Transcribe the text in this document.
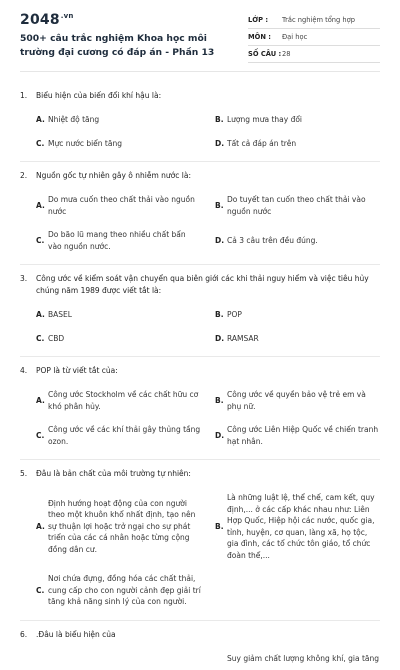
$2048^{.vn}$
500+ câu trắc nghiệm Khoa học môi trường đại cương có đáp án - Phần 13
LỚP :	Trắc nghiệm tổng hợp
MÔN :	Đại học
SỐ CÂU : 28
1.	Biểu hiện của biến đổi khí hậu là:
A. Nhiệt độ tăng	B. Lượng mưa thay đổi
C. Mực nước biển tăng	D. Tất cả đáp án trên
2.	Nguồn gốc tự nhiên gây ô nhiễm nước là:
A.
Do mưa cuốn theo chất thải vào nguồn nước
B.
Do tuyết tan cuốn theo chất thải vào nguồn nước
C.
Do bão lũ mang theo nhiều chất bẩn vào nguồn nước.
D. Cả 3 câu trên đều đúng.
3.	Công ước về kiểm soát vận chuyển qua biên giới các khi thải nguy hiểm và việc tiêu hủy chúng năm 1989 được viết tắt là:
A. BASEL	B. POP
C. CBD	D. RAMSAR
4.	POP là từ viết tắt của:
A.
Công ước Stockholm về các chất hữu cơ khó phân hủy.
B.
Công ước về quyền bảo vệ trẻ em và phụ nữ.
C.
Công ước về các khí thải gây thủng tầng ozon.
D.
Công ước Liên Hiệp Quốc về chiến tranh hạt nhân.
5.	Đâu là bản chất của môi trường tự nhiên:
A.
Định hướng hoạt động của con người theo một khuôn khổ nhất định, tạo nên sự thuận lợi hoặc trở ngại cho sự phát triển của các cá nhân hoặc từng cộng đồng dân cư.
B.
Là những luật lệ, thể chế, cam kết, quy định,... ở các cấp khác nhau như: Liên Hợp Quốc, Hiệp hội các nước, quốc gia, tỉnh, huyện, cơ quan, làng xã, họ tộc, gia đình, các tổ chức tôn giáo, tổ chức đoàn thể,...
C.
Nơi chứa đựng, đồng hóa các chất thải, cung cấp cho con người cảnh đẹp giải trí tăng khả năng sinh lý của con người.
6.	.Đâu là biểu hiện của
Suy giảm chất lượng không khí, gia tăng
